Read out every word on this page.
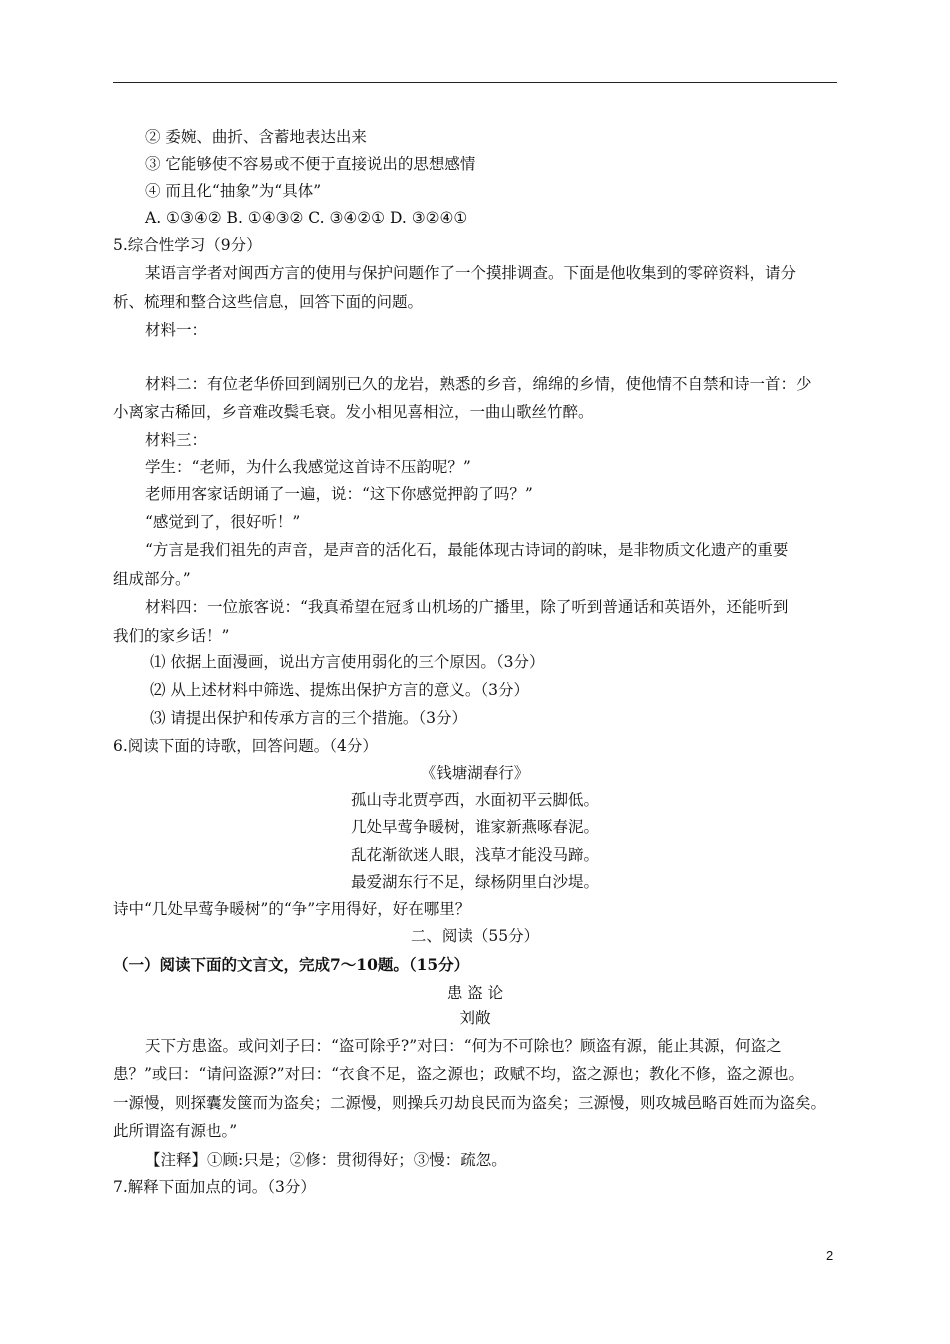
② 委婉、曲折、含蓄地表达出来
③ 它能够使不容易或不便于直接说出的思想感情
④ 而且化“抽象”为“具体”
A. ①③④② B. ①④③② C. ③④②① D. ③②④①
5.综合性学习（9分）
某语言学者对闽西方言的使用与保护问题作了一个摸排调查。下面是他收集到的零碎资料，请分
析、梳理和整合这些信息，回答下面的问题。
材料一：
材料二：有位老华侨回到阔别已久的龙岩，熟悉的乡音，绵绵的乡情，使他情不自禁和诗一首：少
小离家古稀回，乡音难改鬓毛衰。发小相见喜相泣，一曲山歌丝竹醉。
材料三：
学生：“老师，为什么我感觉这首诗不压韵呢？”
老师用客家话朗诵了一遍，说：“这下你感觉押韵了吗？”
“感觉到了，很好听！”
“方言是我们祖先的声音，是声音的活化石，最能体现古诗词的韵味，是非物质文化遗产的重要
组成部分。”
材料四：一位旅客说：“我真希望在冠豸山机场的广播里，除了听到普通话和英语外，还能听到
我们的家乡话！”
⑴ 依据上面漫画，说出方言使用弱化的三个原因。（3分）
⑵ 从上述材料中筛选、提炼出保护方言的意义。（3分）
⑶ 请提出保护和传承方言的三个措施。（3分）
6.阅读下面的诗歌，回答问题。（4分）
《钱塘湖春行》
孤山寺北贾亭西，水面初平云脚低。
几处早莺争暖树，谁家新燕啄春泥。
乱花渐欲迷人眼，浅草才能没马蹄。
最爱湖东行不足，绿杨阴里白沙堤。
诗中“几处早莺争暖树”的“争”字用得好，好在哪里？
二、阅读（55分）
（一）阅读下面的文言文，完成7～10题。（15分）
患 盗 论
刘敞
天下方患盗。或问刘子曰：“盗可除乎?”对曰：“何为不可除也？顾盗有源，能止其源，何盗之
患？”或曰：“请问盗源?”对曰：“衣食不足，盗之源也；政赋不均，盗之源也；教化不修，盗之源也。
一源慢，则探囊发箧而为盗矣；二源慢，则操兵刃劫良民而为盗矣；三源慢，则攻城邑略百姓而为盗矣。
此所谓盗有源也。”
【注释】①顾:只是；②修：贯彻得好；③慢：疏忽。
7.解释下面加点的词。（3分）
2
